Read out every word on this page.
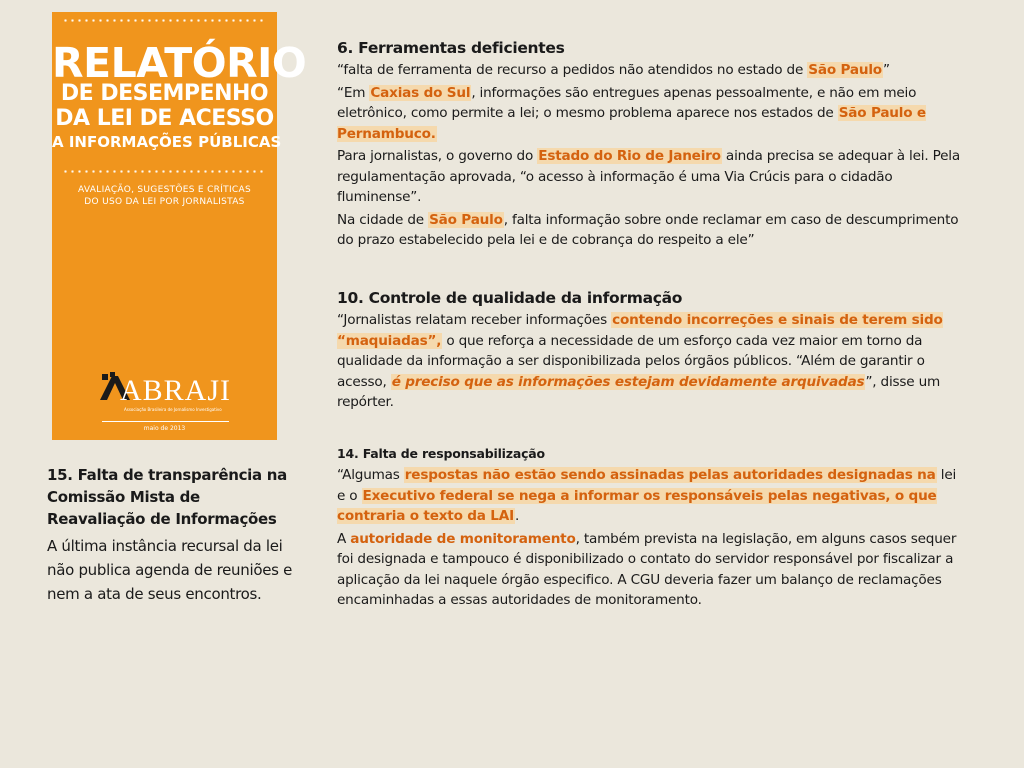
RELATÓRIO
DE DESEMPENHO
DA LEI DE ACESSO
A INFORMAÇÕES PÚBLICAS
AVALIAÇÃO, SUGESTÕES E CRÍTICAS
DO USO DA LEI POR JORNALISTAS
ABRAJI
Associação Brasileira de Jornalismo Investigativo
maio de 2013
15. Falta de transparência na Comissão Mista de Reavaliação de Informações

A última instância recursal da lei não publica agenda de reuniões e nem a ata de seus encontros.

6. Ferramentas deficientes

“falta de ferramenta de recurso a pedidos não atendidos no estado de São Paulo”

“Em Caxias do Sul, informações são entregues apenas pessoalmente, e não em meio eletrônico, como permite a lei; o mesmo problema aparece nos estados de São Paulo e Pernambuco.

Para jornalistas, o governo do Estado do Rio de Janeiro ainda precisa se adequar à lei. Pela regulamentação aprovada, “o acesso à informação é uma Via Crúcis para o cidadão fluminense”.

Na cidade de São Paulo, falta informação sobre onde reclamar em caso de descumprimento do prazo estabelecido pela lei e de cobrança do respeito a ele”

10. Controle de qualidade da informação

“Jornalistas relatam receber informações contendo incorreções e sinais de terem sido “maquiadas”, o que reforça a necessidade de um esforço cada vez maior em torno da qualidade da informação a ser disponibilizada pelos órgãos públicos. “Além de garantir o acesso, é preciso que as informações estejam devidamente arquivadas”, disse um repórter.

14. Falta de responsabilização

“Algumas respostas não estão sendo assinadas pelas autoridades designadas na lei e o Executivo federal se nega a informar os responsáveis pelas negativas, o que contraria o texto da LAI.

A autoridade de monitoramento, também prevista na legislação, em alguns casos sequer foi designada e tampouco é disponibilizado o contato do servidor responsável por fiscalizar a aplicação da lei naquele órgão especifico. A CGU deveria fazer um balanço de reclamações encaminhadas a essas autoridades de monitoramento.
